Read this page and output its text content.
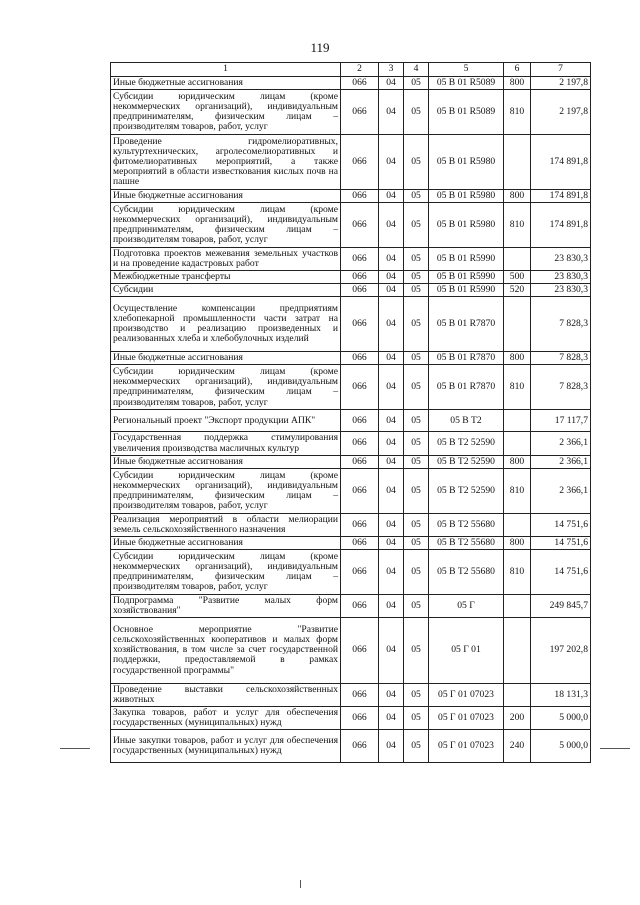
119
1	2	3	4	5	6	7
Иные бюджетные ассигнования	066	04	05	05 В 01 R5089	800	2 197,8
Субсидии юридическим лицам (кроме некоммерческих организаций), индивидуальным предпринимателям, физическим лицам – производителям товаров, работ, услуг	066	04	05	05 В 01 R5089	810	2 197,8
Проведение гидромелиоративных, культуртехнических, агролесомелиоративных и фитомелиоративных мероприятий, а также мероприятий в области известкования кислых почв на пашне	066	04	05	05 В 01 R5980		174 891,8
Иные бюджетные ассигнования	066	04	05	05 В 01 R5980	800	174 891,8
Субсидии юридическим лицам (кроме некоммерческих организаций), индивидуальным предпринимателям, физическим лицам – производителям товаров, работ, услуг	066	04	05	05 В 01 R5980	810	174 891,8
Подготовка проектов межевания земельных участков и на проведение кадастровых работ	066	04	05	05 В 01 R5990		23 830,3
Межбюджетные трансферты	066	04	05	05 В 01 R5990	500	23 830,3
Субсидии	066	04	05	05 В 01 R5990	520	23 830,3
Осуществление компенсации предприятиям хлебопекарной промышленности части затрат на производство и реализацию произведенных и реализованных хлеба и хлебобулочных изделий	066	04	05	05 В 01 R7870		7 828,3
Иные бюджетные ассигнования	066	04	05	05 В 01 R7870	800	7 828,3
Субсидии юридическим лицам (кроме некоммерческих организаций), индивидуальным предпринимателям, физическим лицам – производителям товаров, работ, услуг	066	04	05	05 В 01 R7870	810	7 828,3
Региональный проект "Экспорт продукции АПК"	066	04	05	05 В Т2		17 117,7
Государственная поддержка стимулирования увеличения производства масличных культур	066	04	05	05 В Т2 52590		2 366,1
Иные бюджетные ассигнования	066	04	05	05 В Т2 52590	800	2 366,1
Субсидии юридическим лицам (кроме некоммерческих организаций), индивидуальным предпринимателям, физическим лицам – производителям товаров, работ, услуг	066	04	05	05 В Т2 52590	810	2 366,1
Реализация мероприятий в области мелиорации земель сельскохозяйственного назначения	066	04	05	05 В Т2 55680		14 751,6
Иные бюджетные ассигнования	066	04	05	05 В Т2 55680	800	14 751,6
Субсидии юридическим лицам (кроме некоммерческих организаций), индивидуальным предпринимателям, физическим лицам – производителям товаров, работ, услуг	066	04	05	05 В Т2 55680	810	14 751,6
Подпрограмма "Развитие малых форм хозяйствования"	066	04	05	05 Г		249 845,7
Основное мероприятие "Развитие сельскохозяйственных кооперативов и малых форм хозяйствования, в том числе за счет государственной поддержки, предоставляемой в рамках государственной программы"	066	04	05	05 Г 01		197 202,8
Проведение выставки сельскохозяйственных животных	066	04	05	05 Г 01 07023		18 131,3
Закупка товаров, работ и услуг для обеспечения государственных (муниципальных) нужд	066	04	05	05 Г 01 07023	200	5 000,0
Иные закупки товаров, работ и услуг для обеспечения государственных (муниципальных) нужд	066	04	05	05 Г 01 07023	240	5 000,0
